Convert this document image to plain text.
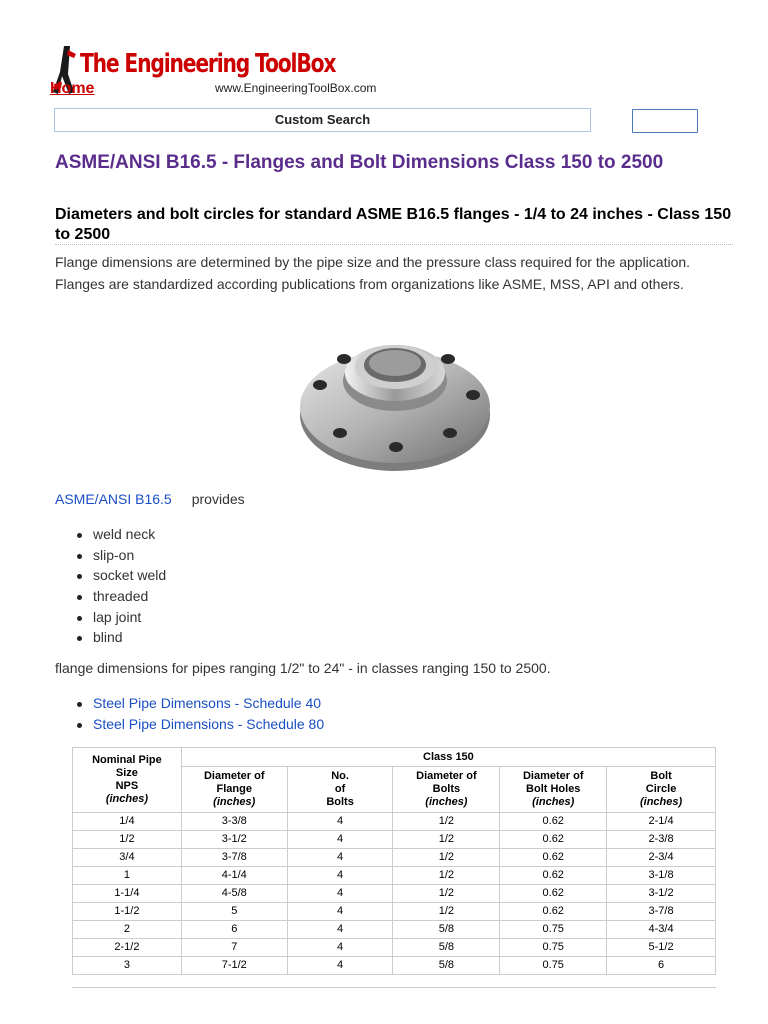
The Engineering ToolBox
Home	www.EngineeringToolBox.com
Custom Search
ASME/ANSI B16.5 - Flanges and Bolt Dimensions Class 150 to 2500
Diameters and bolt circles for standard ASME B16.5 flanges - 1/4 to 24 inches - Class 150 to 2500

Flange dimensions are determined by the pipe size and the pressure class required for the application. Flanges are standardized according publications from organizations like ASME, MSS, API and others.

ASME/ANSI B16.5 provides
weld neck
slip-on
socket weld
threaded
lap joint
blind
flange dimensions for pipes ranging 1/2" to 24" - in classes ranging 150 to 2500.
Steel Pipe Dimensons - Schedule 40
Steel Pipe Dimensions - Schedule 80
Nominal Pipe
Size
NPS
(inches)	Class 150				

	Diameter of
Flange
(inches)	No.
of
Bolts	Diameter of
Bolts
(inches)	Diameter of
Bolt Holes
(inches)	Bolt
Circle
(inches)

1/4	3-3/8	4	1/2	0.62	2-1/4
1/2	3-1/2	4	1/2	0.62	2-3/8
3/4	3-7/8	4	1/2	0.62	2-3/4
1	4-1/4	4	1/2	0.62	3-1/8
1-1/4	4-5/8	4	1/2	0.62	3-1/2
1-1/2	5	4	1/2	0.62	3-7/8
2	6	4	5/8	0.75	4-3/4
2-1/2	7	4	5/8	0.75	5-1/2
3	7-1/2	4	5/8	0.75	6
